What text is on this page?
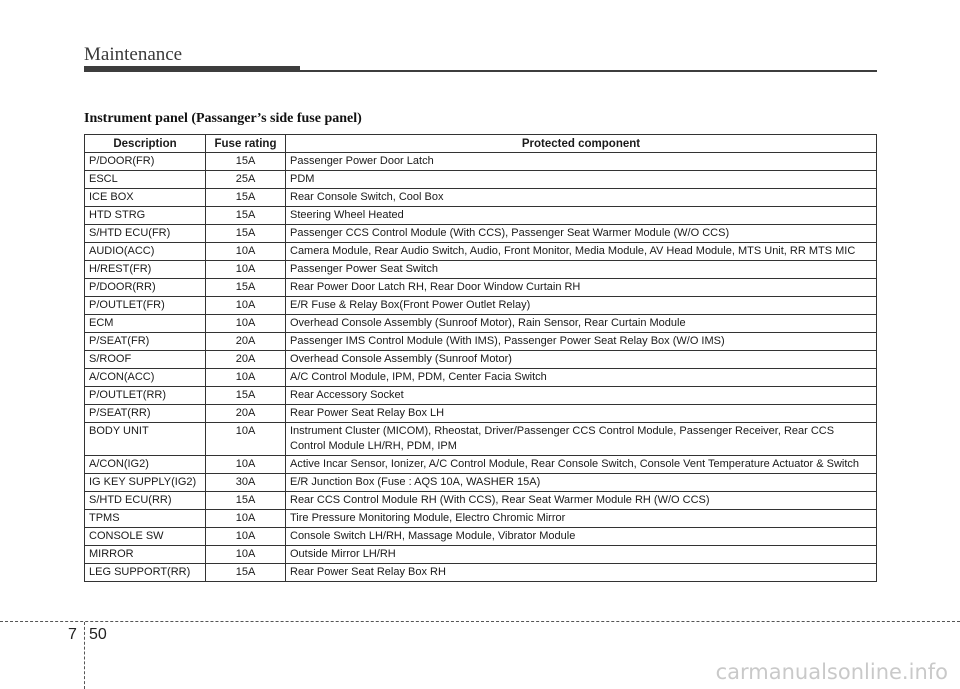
Maintenance
Instrument panel (Passanger’s side fuse panel)
Description	Fuse rating	Protected component
P/DOOR(FR)	15A	Passenger Power Door Latch
ESCL	25A	PDM
ICE BOX	15A	Rear Console Switch, Cool Box
HTD STRG	15A	Steering Wheel Heated
S/HTD ECU(FR)	15A	Passenger CCS Control Module (With CCS), Passenger Seat Warmer Module (W/O CCS)
AUDIO(ACC)	10A	Camera Module, Rear Audio Switch, Audio, Front Monitor, Media Module, AV Head Module, MTS Unit, RR MTS MIC
H/REST(FR)	10A	Passenger Power Seat Switch
P/DOOR(RR)	15A	Rear Power Door Latch RH, Rear Door Window Curtain RH
P/OUTLET(FR)	10A	E/R Fuse & Relay Box(Front Power Outlet Relay)
ECM	10A	Overhead Console Assembly (Sunroof Motor), Rain Sensor, Rear Curtain Module
P/SEAT(FR)	20A	Passenger IMS Control Module (With IMS), Passenger Power Seat Relay Box (W/O IMS)
S/ROOF	20A	Overhead Console Assembly (Sunroof Motor)
A/CON(ACC)	10A	A/C Control Module, IPM, PDM, Center Facia Switch
P/OUTLET(RR)	15A	Rear Accessory Socket
P/SEAT(RR)	20A	Rear Power Seat Relay Box LH
BODY UNIT	10A	Instrument Cluster (MICOM), Rheostat, Driver/Passenger CCS Control Module, Passenger Receiver, Rear CCS Control Module LH/RH, PDM, IPM
A/CON(IG2)	10A	Active Incar Sensor, Ionizer, A/C Control Module, Rear Console Switch, Console Vent Temperature Actuator & Switch
IG KEY SUPPLY(IG2)	30A	E/R Junction Box (Fuse : AQS 10A, WASHER 15A)
S/HTD ECU(RR)	15A	Rear CCS Control Module RH (With CCS), Rear Seat Warmer Module RH (W/O CCS)
TPMS	10A	Tire Pressure Monitoring Module, Electro Chromic Mirror
CONSOLE SW	10A	Console Switch LH/RH, Massage Module, Vibrator Module
MIRROR	10A	Outside Mirror LH/RH
LEG SUPPORT(RR)	15A	Rear Power Seat Relay Box RH
7 50
carmanualsonline.info
